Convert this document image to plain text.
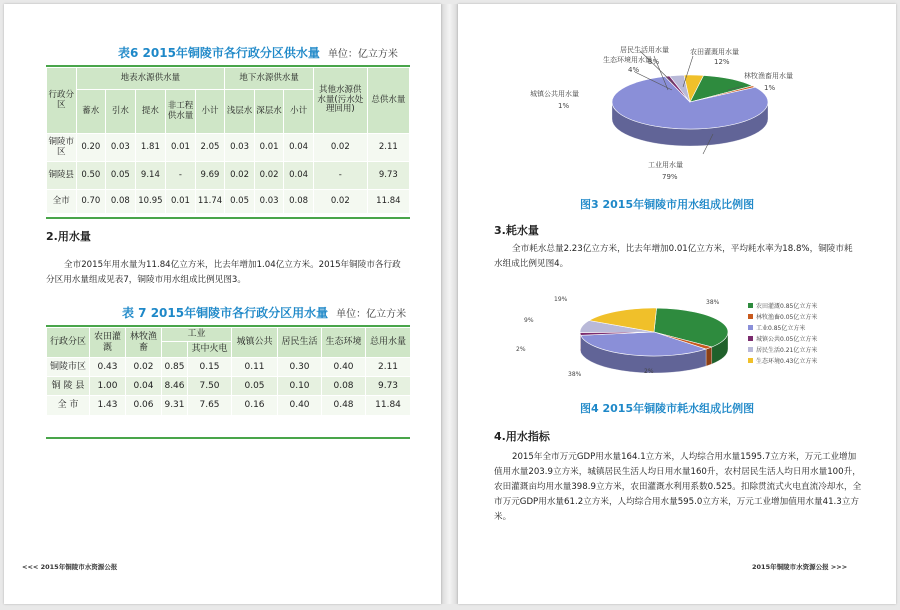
表6 2015年铜陵市各行政分区供水量 单位：亿立方米
行政分区	地表水源供水量					地下水源供水量			其他水源供水量(污水处理回用)	总供水量
	蓄水	引水	提水	非工程供水量	小计	浅层水	深层水	小计		
铜陵市区	0.20	0.03	1.81	0.01	2.05	0.03	0.01	0.04	0.02	2.11
铜陵县	0.50	0.05	9.14	-	9.69	0.02	0.02	0.04	-	9.73
全市	0.70	0.08	10.95	0.01	11.74	0.05	0.03	0.08	0.02	11.84
2.用水量
全市2015年用水量为11.84亿立方米，比去年增加1.04亿立方米。2015年铜陵市各行政分区用水量组成见表7，铜陵市用水组成比例见图3。
表 7 2015年铜陵市各行政分区用水量 单位：亿立方米
行政分区	农田灌溉	林牧渔畜	工业		城镇公共	居民生活	生态环境	总用水量
				其中火电				
铜陵市区	0.43	0.02	0.85	0.15	0.11	0.30	0.40	2.11
铜 陵 县	1.00	0.04	8.46	7.50	0.05	0.10	0.08	9.73
全 市	1.43	0.06	9.31	7.65	0.16	0.40	0.48	11.84
<<< 2015年铜陵市水资源公报
生态环境用水量
4%
居民生活用水量
3%
农田灌溉用水量
12%
城镇公共用水量
1%
林牧渔畜用水量
1%
工业用水量
79%
图3 2015年铜陵市用水组成比例图
3.耗水量
全市耗水总量2.23亿立方米，比去年增加0.01亿立方米，平均耗水率为18.8%，铜陵市耗水组成比例见图4。
38%
2%
38%
2%
9%
19%
农田灌溉0.85亿立方米
林牧渔畜0.05亿立方米
工业0.85亿立方米
城镇公共0.05亿立方米
居民生活0.21亿立方米
生态环境0.43亿立方米
图4 2015年铜陵市耗水组成比例图
4.用水指标
2015年全市万元GDP用水量164.1立方米，人均综合用水量1595.7立方米，万元工业增加值用水量203.9立方米，城镇居民生活人均日用水量160升，农村居民生活人均日用水量100升，农田灌溉亩均用水量398.9立方米，农田灌溉水利用系数0.525。扣除贯流式火电直流冷却水，全市万元GDP用水量61.2立方米，人均综合用水量595.0立方米，万元工业增加值用水量41.3立方米。
2015年铜陵市水资源公报 >>>
